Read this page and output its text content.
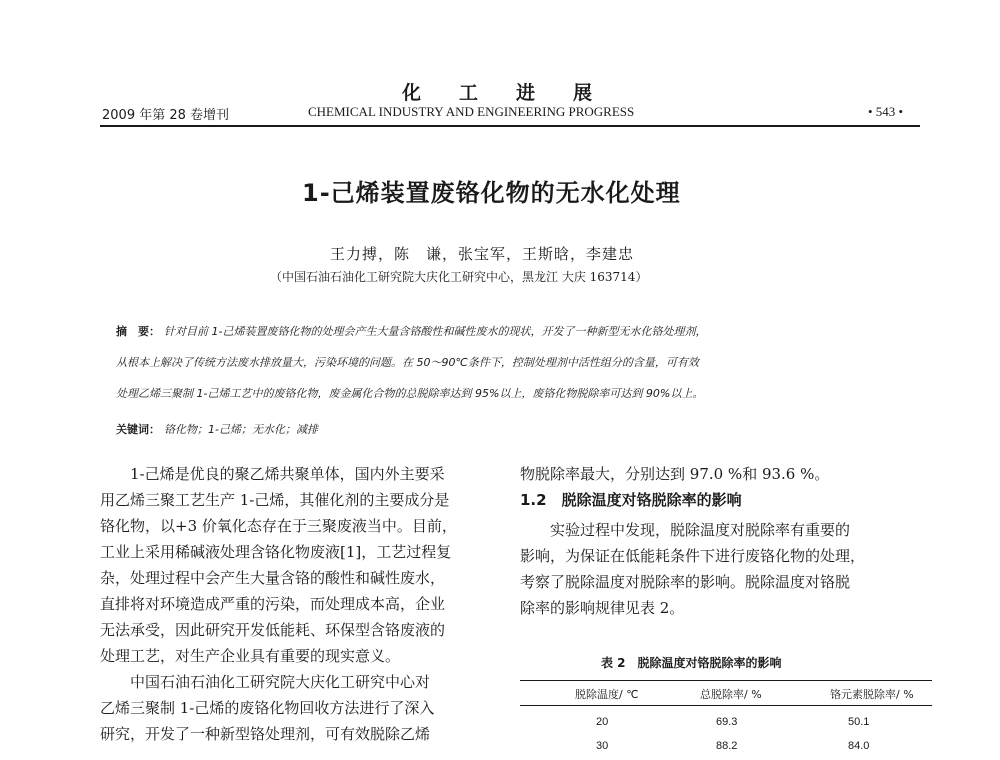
化工进展
2009 年第 28 卷增刊	CHEMICAL INDUSTRY AND ENGINEERING PROGRESS	• 543 •
1-己烯装置废铬化物的无水化处理
王力搏，陈　谦，张宝军，王斯晗，李建忠
（中国石油石油化工研究院大庆化工研究中心，黑龙江 大庆 163714）
摘　要： 针对目前 1-己烯装置废铬化物的处理会产生大量含铬酸性和碱性废水的现状，开发了一种新型无水化铬处理剂，
从根本上解决了传统方法废水排放量大，污染环境的问题。在 50～90℃条件下，控制处理剂中活性组分的含量，可有效
处理乙烯三聚制 1-己烯工艺中的废铬化物，废金属化合物的总脱除率达到 95%以上，废铬化物脱除率可达到 90%以上。
关键词： 铬化物；1-己烯；无水化；减排
1-己烯是优良的聚乙烯共聚单体，国内外主要采
用乙烯三聚工艺生产 1-己烯，其催化剂的主要成分是
铬化物，以+3 价氧化态存在于三聚废液当中。目前，
工业上采用稀碱液处理含铬化物废液[1]，工艺过程复
杂，处理过程中会产生大量含铬的酸性和碱性废水，
直排将对环境造成严重的污染，而处理成本高，企业
无法承受，因此研究开发低能耗、环保型含铬废液的
处理工艺，对生产企业具有重要的现实意义。
中国石油石油化工研究院大庆化工研究中心对
乙烯三聚制 1-己烯的废铬化物回收方法进行了深入
研究，开发了一种新型铬处理剂，可有效脱除乙烯
物脱除率最大，分别达到 97.0 %和 93.6 %。
1.2　脱除温度对铬脱除率的影响
实验过程中发现，脱除温度对脱除率有重要的
影响，为保证在低能耗条件下进行废铬化物的处理，
考察了脱除温度对脱除率的影响。脱除温度对铬脱
除率的影响规律见表 2。
表 2　脱除温度对铬脱除率的影响
脱除温度/ ℃	总脱除率/ %	铬元素脱除率/ %
20	69.3	50.1
30	88.2	84.0
